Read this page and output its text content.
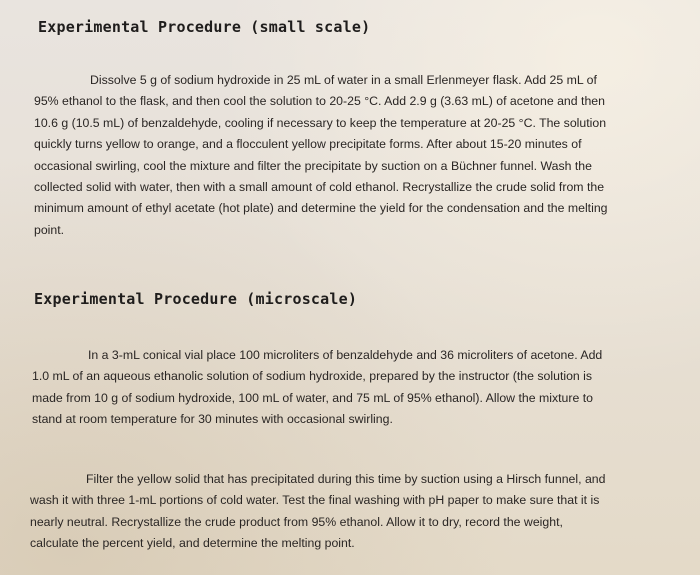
Experimental Procedure (small scale)
Dissolve 5 g of sodium hydroxide in 25 mL of water in a small Erlenmeyer flask. Add 25 mL of
95% ethanol to the flask, and then cool the solution to 20-25 °C. Add 2.9 g (3.63 mL) of acetone and then
10.6 g (10.5 mL) of benzaldehyde, cooling if necessary to keep the temperature at 20-25 °C. The solution
quickly turns yellow to orange, and a flocculent yellow precipitate forms. After about 15-20 minutes of
occasional swirling, cool the mixture and filter the precipitate by suction on a Büchner funnel. Wash the
collected solid with water, then with a small amount of cold ethanol. Recrystallize the crude solid from the
minimum amount of ethyl acetate (hot plate) and determine the yield for the condensation and the melting
point.
Experimental Procedure (microscale)
In a 3-mL conical vial place 100 microliters of benzaldehyde and 36 microliters of acetone. Add
1.0 mL of an aqueous ethanolic solution of sodium hydroxide, prepared by the instructor (the solution is
made from 10 g of sodium hydroxide, 100 mL of water, and 75 mL of 95% ethanol). Allow the mixture to
stand at room temperature for 30 minutes with occasional swirling.
Filter the yellow solid that has precipitated during this time by suction using a Hirsch funnel, and
wash it with three 1-mL portions of cold water. Test the final washing with pH paper to make sure that it is
nearly neutral. Recrystallize the crude product from 95% ethanol. Allow it to dry, record the weight,
calculate the percent yield, and determine the melting point.
